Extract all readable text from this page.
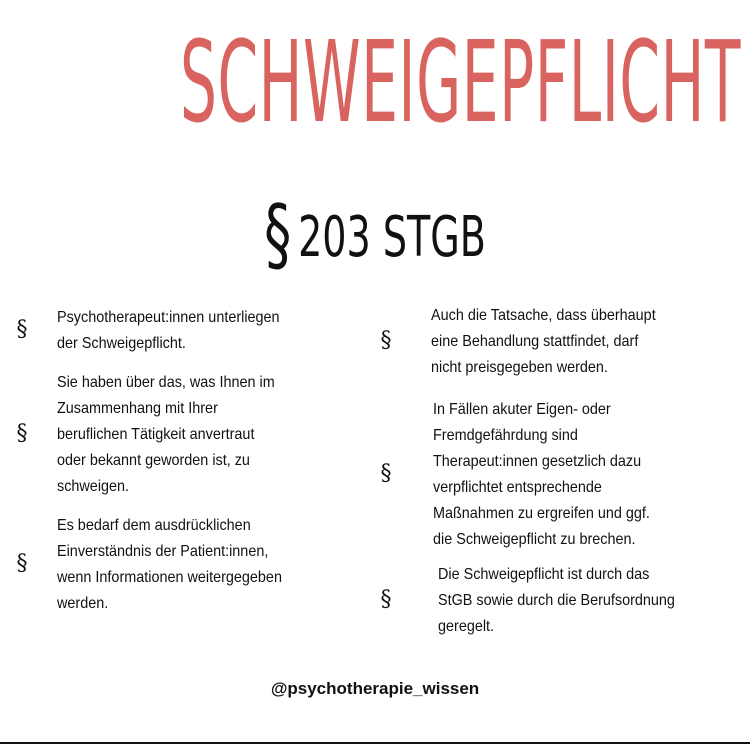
SCHWEIGEPFLICHT
§ 203 STGB
§ Psychotherapeut:innen unterliegen
der Schweigepflicht.
§
Sie haben über das, was Ihnen im
Zusammenhang mit Ihrer
beruflichen Tätigkeit anvertraut
oder bekannt geworden ist, zu
schweigen.
§
Es bedarf dem ausdrücklichen
Einverständnis der Patient:innen,
wenn Informationen weitergegeben
werden.
§
Auch die Tatsache, dass überhaupt
eine Behandlung stattfindet, darf
nicht preisgegeben werden.
§
In Fällen akuter Eigen- oder
Fremdgefährdung sind
Therapeut:innen gesetzlich dazu
verpflichtet entsprechende
Maßnahmen zu ergreifen und ggf.
die Schweigepflicht zu brechen.
§
Die Schweigepflicht ist durch das
StGB sowie durch die Berufsordnung
geregelt.
@psychotherapie_wissen
